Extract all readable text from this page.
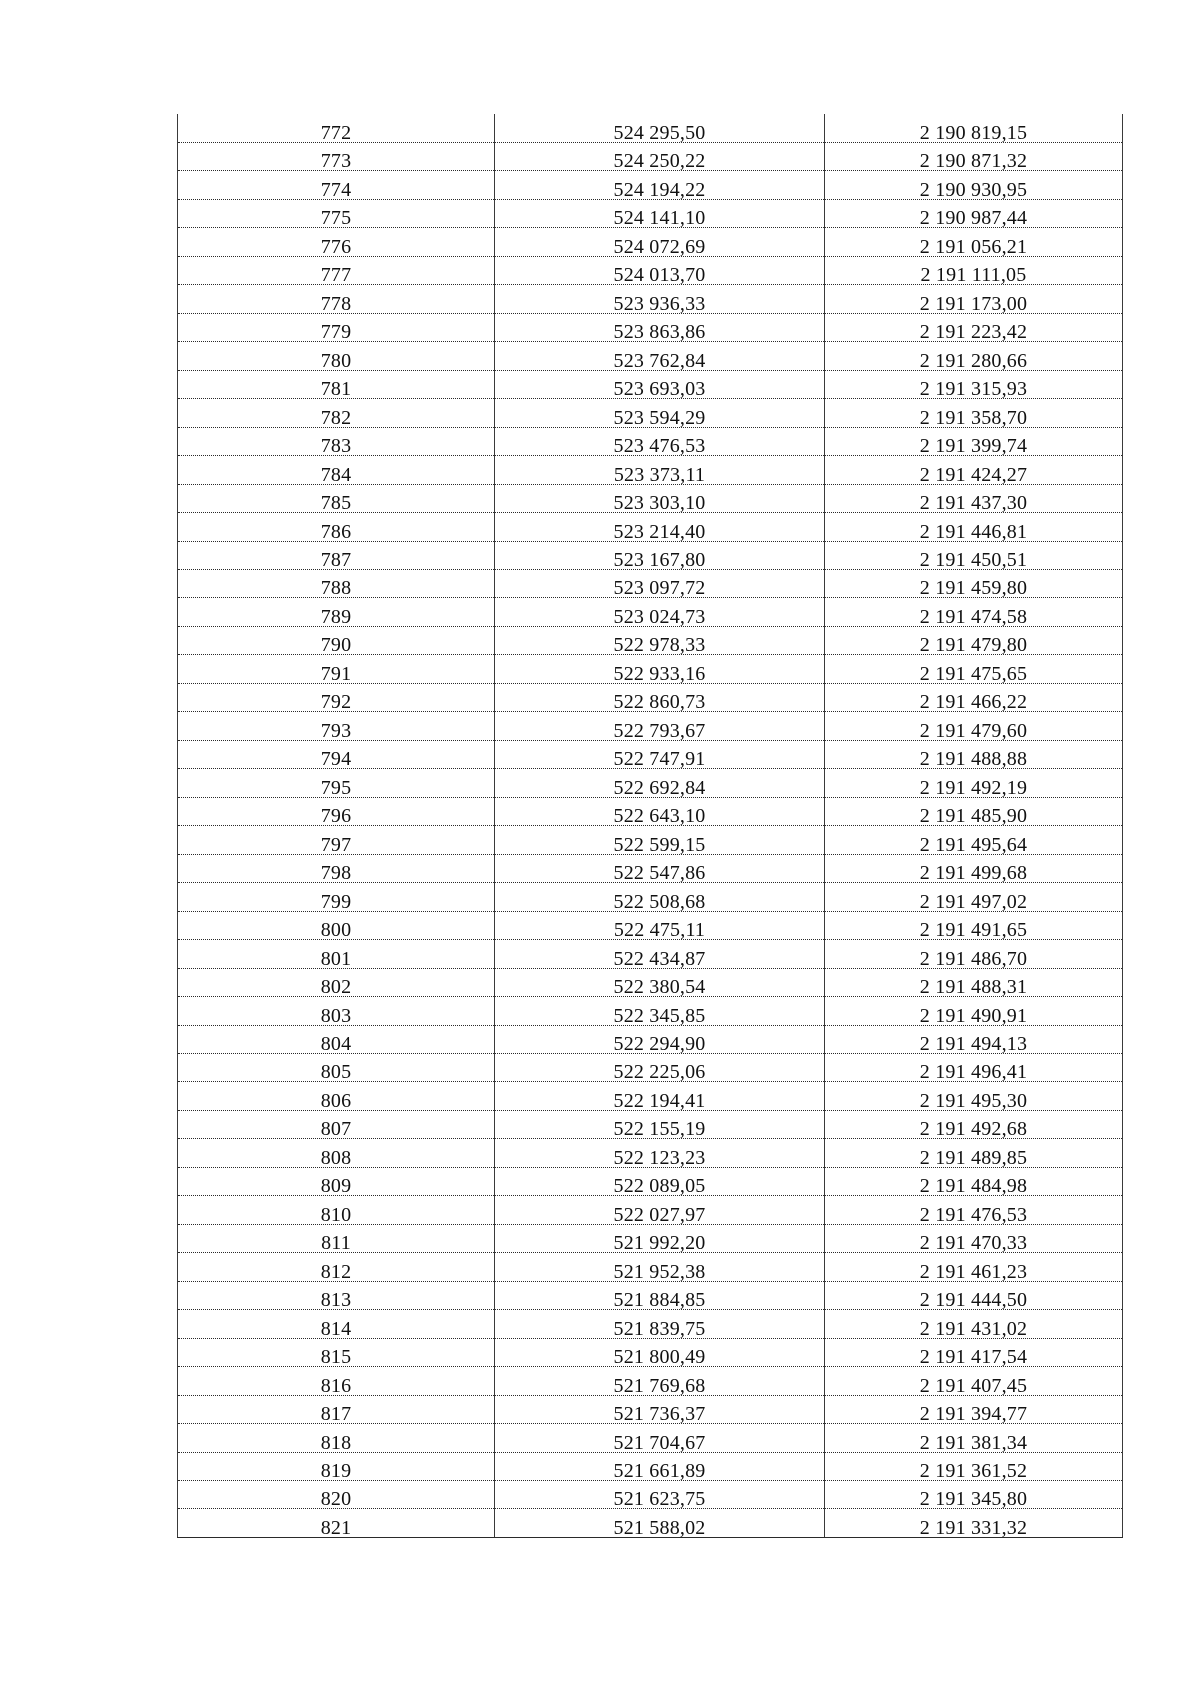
772	524 295,50	2 190 819,15
773	524 250,22	2 190 871,32
774	524 194,22	2 190 930,95
775	524 141,10	2 190 987,44
776	524 072,69	2 191 056,21
777	524 013,70	2 191 111,05
778	523 936,33	2 191 173,00
779	523 863,86	2 191 223,42
780	523 762,84	2 191 280,66
781	523 693,03	2 191 315,93
782	523 594,29	2 191 358,70
783	523 476,53	2 191 399,74
784	523 373,11	2 191 424,27
785	523 303,10	2 191 437,30
786	523 214,40	2 191 446,81
787	523 167,80	2 191 450,51
788	523 097,72	2 191 459,80
789	523 024,73	2 191 474,58
790	522 978,33	2 191 479,80
791	522 933,16	2 191 475,65
792	522 860,73	2 191 466,22
793	522 793,67	2 191 479,60
794	522 747,91	2 191 488,88
795	522 692,84	2 191 492,19
796	522 643,10	2 191 485,90
797	522 599,15	2 191 495,64
798	522 547,86	2 191 499,68
799	522 508,68	2 191 497,02
800	522 475,11	2 191 491,65
801	522 434,87	2 191 486,70
802	522 380,54	2 191 488,31
803	522 345,85	2 191 490,91
804	522 294,90	2 191 494,13
805	522 225,06	2 191 496,41
806	522 194,41	2 191 495,30
807	522 155,19	2 191 492,68
808	522 123,23	2 191 489,85
809	522 089,05	2 191 484,98
810	522 027,97	2 191 476,53
811	521 992,20	2 191 470,33
812	521 952,38	2 191 461,23
813	521 884,85	2 191 444,50
814	521 839,75	2 191 431,02
815	521 800,49	2 191 417,54
816	521 769,68	2 191 407,45
817	521 736,37	2 191 394,77
818	521 704,67	2 191 381,34
819	521 661,89	2 191 361,52
820	521 623,75	2 191 345,80
821	521 588,02	2 191 331,32
